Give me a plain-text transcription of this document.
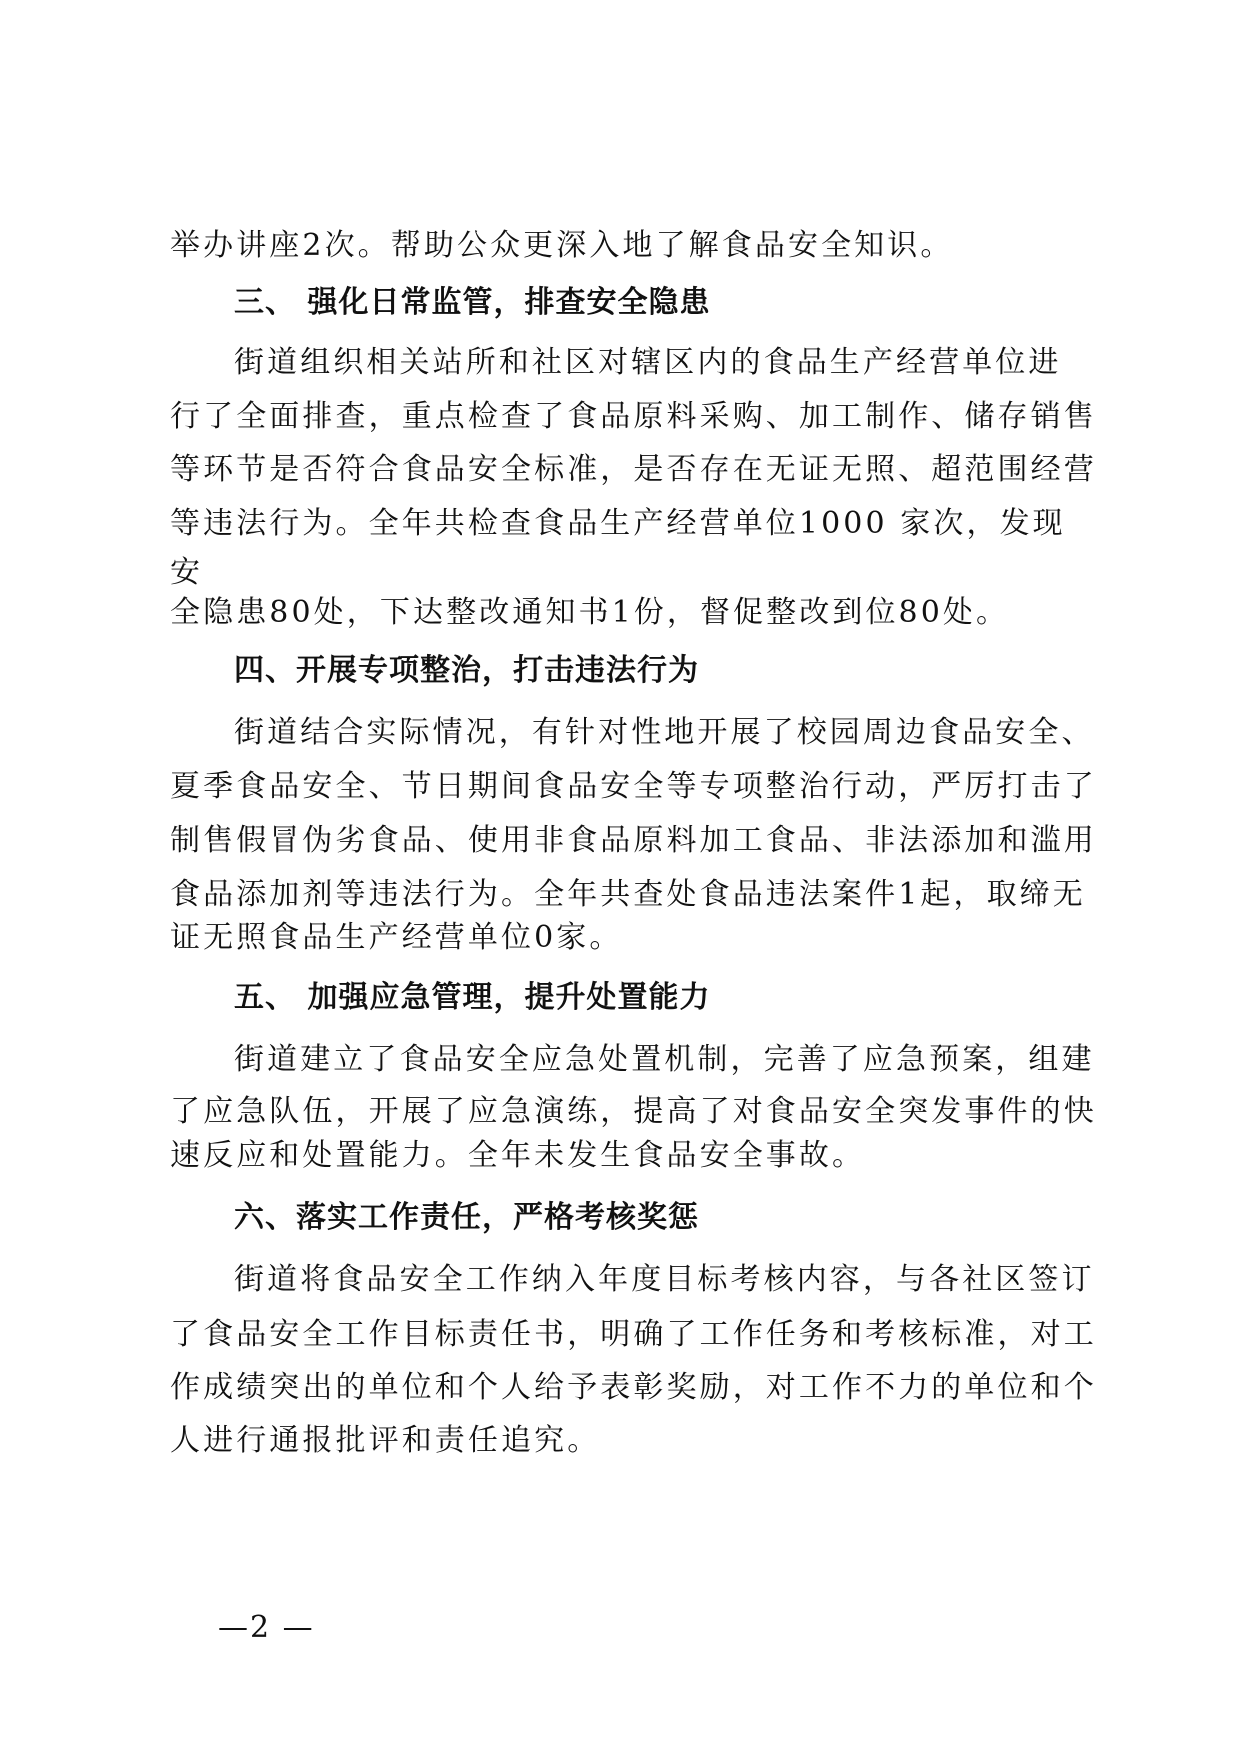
举办讲座2次。帮助公众更深入地了解食品安全知识。
三、 强化日常监管，排查安全隐患
街道组织相关站所和社区对辖区内的食品生产经营单位进
行了全面排查，重点检查了食品原料采购、加工制作、储存销售
等环节是否符合食品安全标准，是否存在无证无照、超范围经营
等违法行为。全年共检查食品生产经营单位1000 家次，发现
安
全隐患80处，下达整改通知书1份，督促整改到位80处。
四、开展专项整治，打击违法行为
街道结合实际情况，有针对性地开展了校园周边食品安全、
夏季食品安全、节日期间食品安全等专项整治行动，严厉打击了
制售假冒伪劣食品、使用非食品原料加工食品、非法添加和滥用
食品添加剂等违法行为。全年共查处食品违法案件1起，取缔无
证无照食品生产经营单位0家。
五、 加强应急管理，提升处置能力
街道建立了食品安全应急处置机制，完善了应急预案，组建
了应急队伍，开展了应急演练，提高了对食品安全突发事件的快
速反应和处置能力。全年未发生食品安全事故。
六、落实工作责任，严格考核奖惩
街道将食品安全工作纳入年度目标考核内容，与各社区签订
了食品安全工作目标责任书，明确了工作任务和考核标准，对工
作成绩突出的单位和个人给予表彰奖励，对工作不力的单位和个
人进行通报批评和责任追究。
—2 —
